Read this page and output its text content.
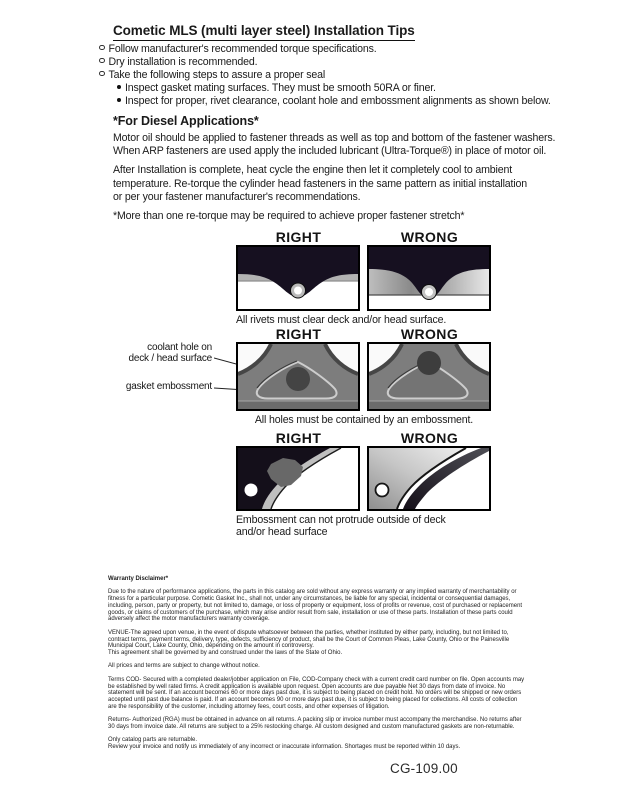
Cometic MLS (multi layer steel) Installation Tips
Follow manufacturer's recommended torque specifications.
Dry installation is recommended.
Take the following steps to assure a proper seal
Inspect gasket mating surfaces. They must be smooth 50RA or finer.
Inspect for proper, rivet clearance, coolant hole and embossment alignments as shown below.
*For Diesel Applications*
Motor oil should be applied to fastener threads as well as top and bottom of the fastener washers.
When ARP fasteners are used apply the included lubricant (Ultra-Torque®) in place of motor oil.
After Installation is complete, heat cycle the engine then let it completely cool to ambient
temperature. Re-torque the cylinder head fasteners in the same pattern as initial installation
or per your fastener manufacturer's recommendations.
*More than one re-torque may be required to achieve proper fastener stretch*
RIGHT	WRONG
All rivets must clear deck and/or head surface.
coolant hole on
deck / head surface
gasket embossment
RIGHT	WRONG
All holes must be contained by an embossment.
RIGHT	WRONG
Embossment can not protrude outside of deck
and/or head surface
Warranty Disclaimer*
Due to the nature of performance applications, the parts in this catalog are sold without any express warranty or any implied warranty of merchantability or
fitness for a particular purpose. Cometic Gasket Inc., shall not, under any circumstances, be liable for any special, incidental or consequential damages,
including, person, party or property, but not limited to, damage, or loss of property or equipment, loss of profits or revenue, cost of purchased or replacement
goods, or claims of customers of the purchase, which may arise and/or result from sale, installation or use of these parts. Installation of these parts could
adversely affect the motor manufacturers warranty coverage.
VENUE-The agreed upon venue, in the event of dispute whatsoever between the parties, whether instituted by either party, including, but not limited to,
contract terms, payment terms, delivery, type, defects, sufficiency of product, shall be the Court of Common Pleas, Lake County, Ohio or the Painesville
Municipal Court, Lake County, Ohio, depending on the amount in controversy.
This agreement shall be governed by and construed under the laws of the State of Ohio.
All prices and terms are subject to change without notice.
Terms COD- Secured with a completed dealer/jobber application on File, COD-Company check with a current credit card number on file. Open accounts may
be established by well rated firms. A credit application is available upon request. Open accounts are due payable Net 30 days from date of invoice. No
statement will be sent. If an account becomes 60 or more days past due, it is subject to being placed on credit hold. No orders will be shipped or new orders
accepted until past due balance is paid. If an account becomes 90 or more days past due, it is subject to being placed for collections. All costs of collection
are the responsibility of the customer, including attorney fees, court costs, and other expenses of litigation.
Returns- Authorized (RGA) must be obtained in advance on all returns. A packing slip or invoice number must accompany the merchandise. No returns after
30 days from invoice date. All returns are subject to a 25% restocking charge. All custom designed and custom manufactured gaskets are non-returnable.
Only catalog parts are returnable.
Review your invoice and notify us immediately of any incorrect or inaccurate information. Shortages must be reported within 10 days.
CG-109.00
